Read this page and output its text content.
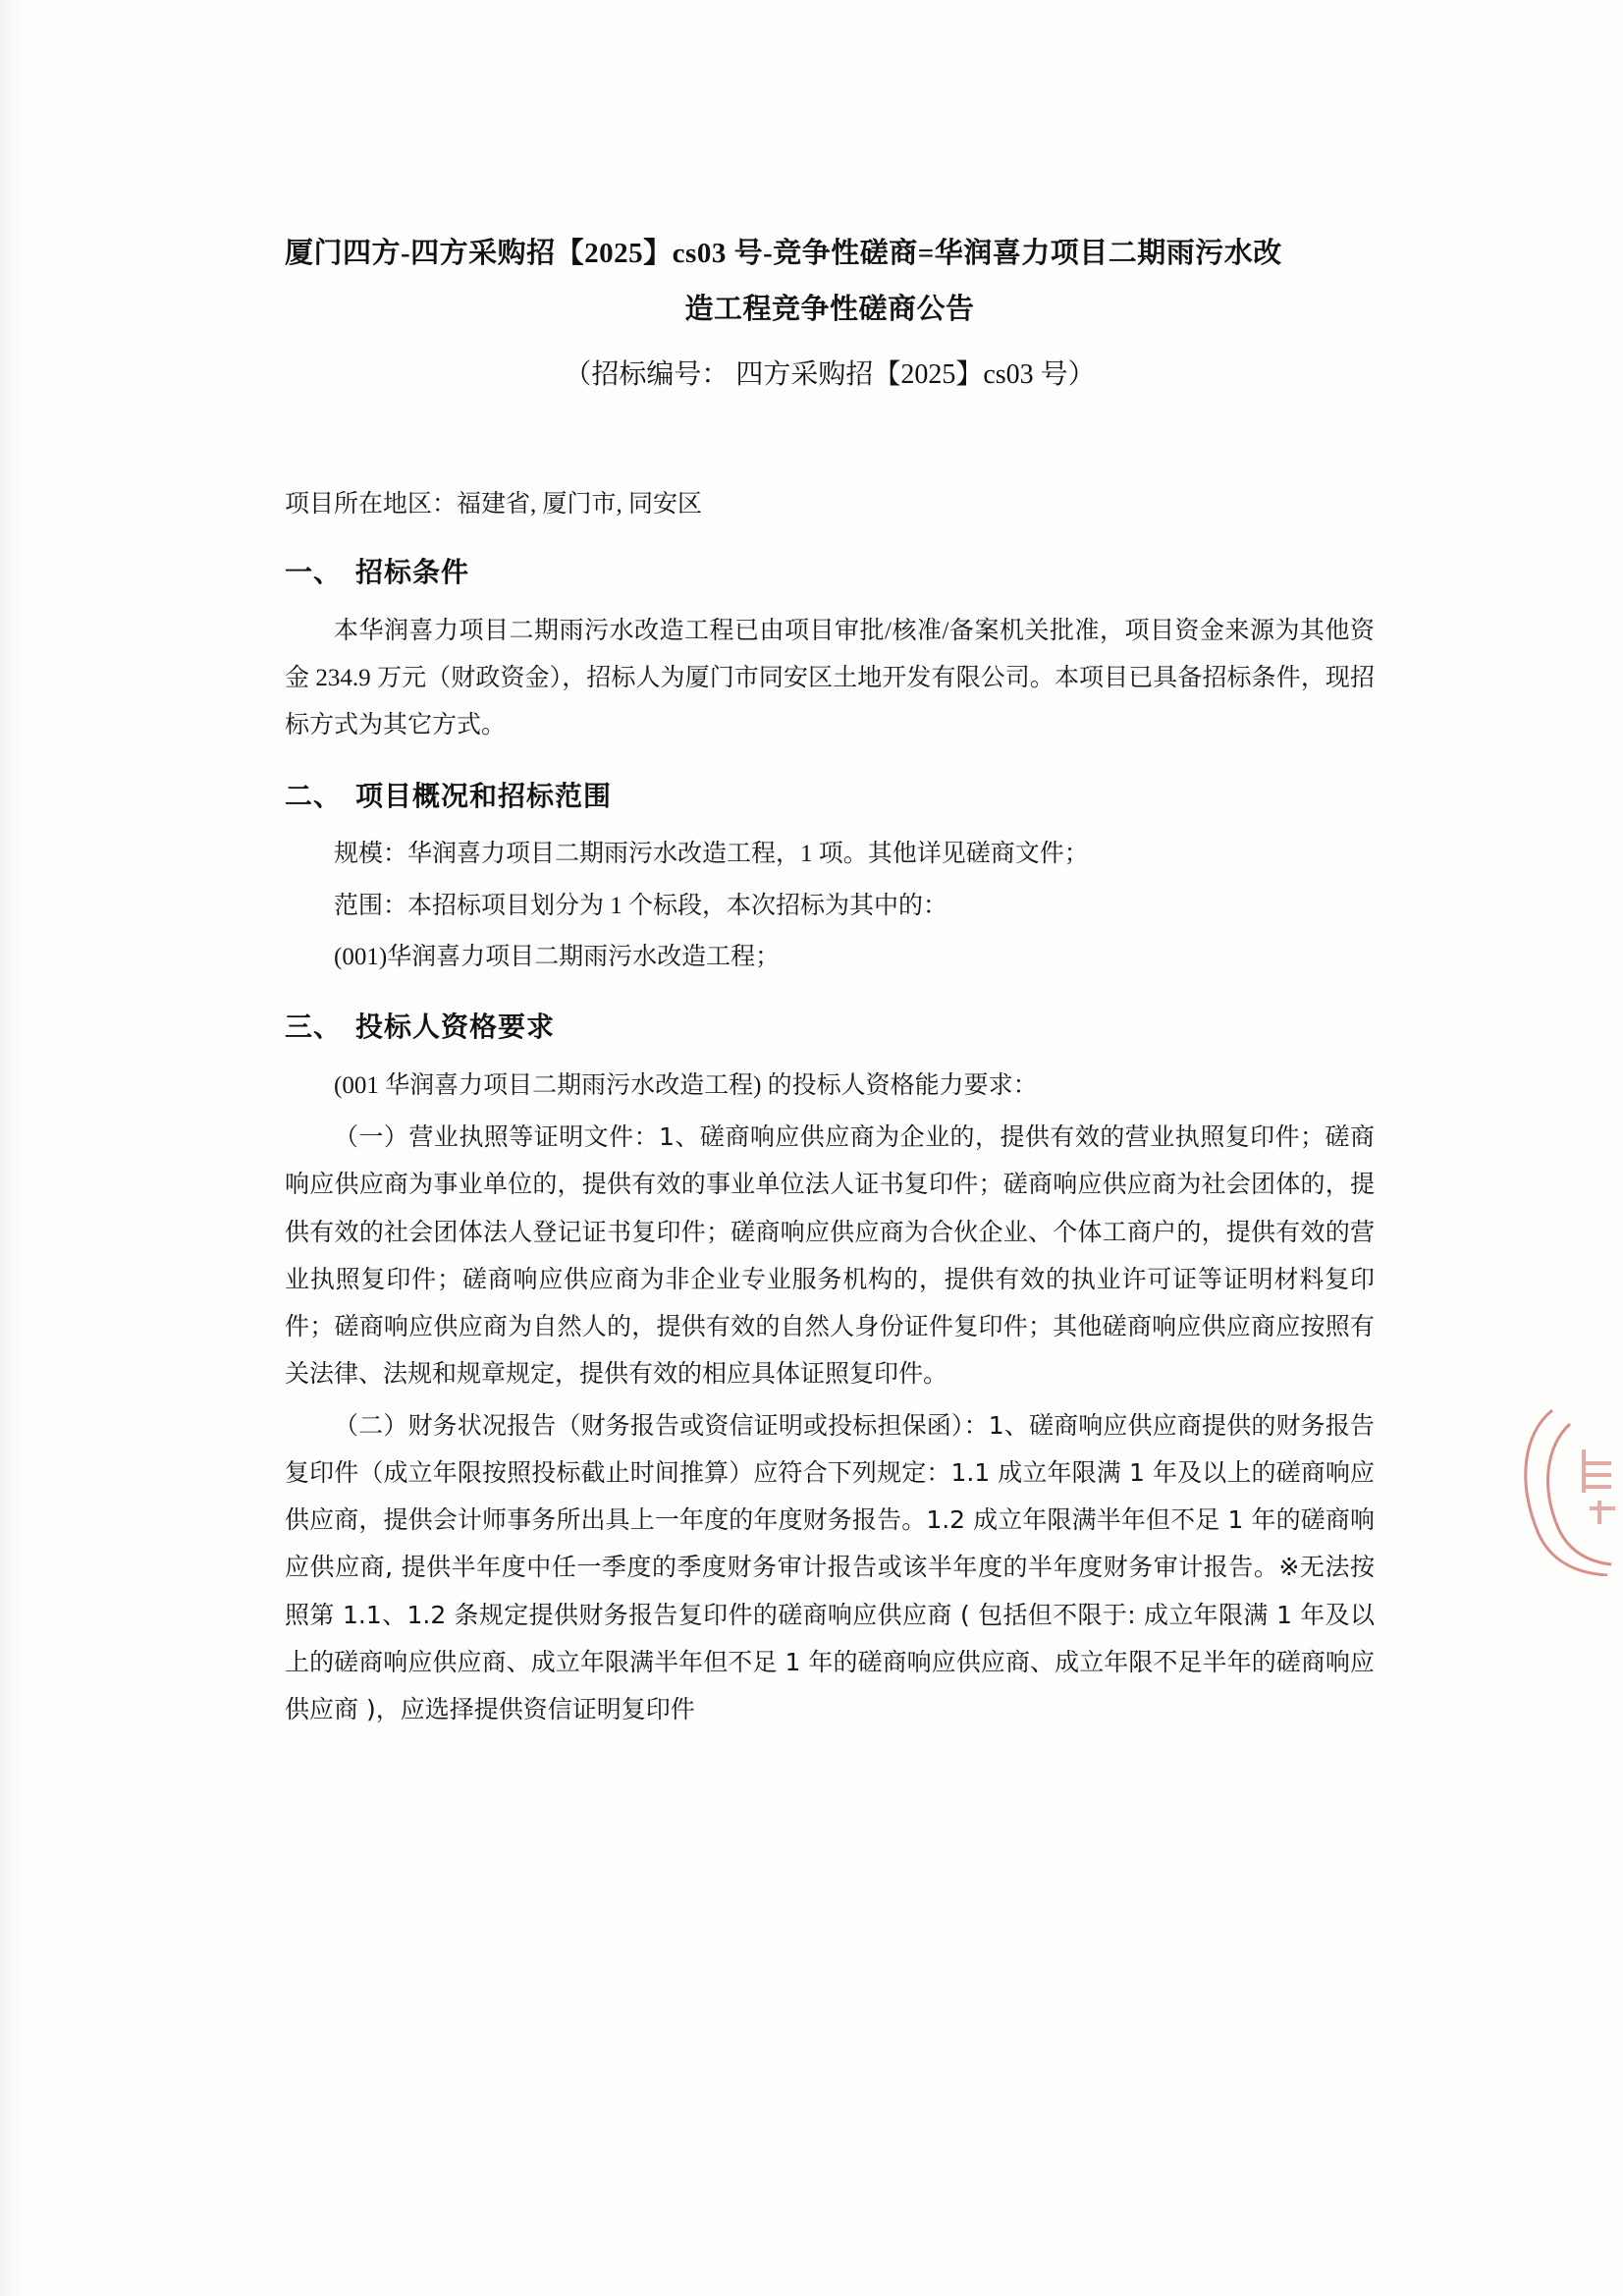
厦门四方-四方采购招【2025】cs03 号-竞争性磋商=华润喜力项目二期雨污水改
造工程竞争性磋商公告
（招标编号： 四方采购招【2025】cs03 号）
项目所在地区：福建省, 厦门市, 同安区
一、 招标条件

本华润喜力项目二期雨污水改造工程已由项目审批/核准/备案机关批准，项目资金来源为其他资金 234.9 万元（财政资金），招标人为厦门市同安区土地开发有限公司。本项目已具备招标条件，现招标方式为其它方式。

二、 项目概况和招标范围

规模：华润喜力项目二期雨污水改造工程，1 项。其他详见磋商文件；

范围：本招标项目划分为 1 个标段，本次招标为其中的：

(001)华润喜力项目二期雨污水改造工程；

三、 投标人资格要求

(001 华润喜力项目二期雨污水改造工程) 的投标人资格能力要求：

（一）营业执照等证明文件：1、磋商响应供应商为企业的，提供有效的营业执照复印件；磋商响应供应商为事业单位的，提供有效的事业单位法人证书复印件；磋商响应供应商为社会团体的，提供有效的社会团体法人登记证书复印件；磋商响应供应商为合伙企业、个体工商户的，提供有效的营业执照复印件；磋商响应供应商为非企业专业服务机构的，提供有效的执业许可证等证明材料复印件；磋商响应供应商为自然人的，提供有效的自然人身份证件复印件；其他磋商响应供应商应按照有关法律、法规和规章规定，提供有效的相应具体证照复印件。

（二）财务状况报告（财务报告或资信证明或投标担保函）：1、磋商响应供应商提供的财务报告复印件（成立年限按照投标截止时间推算）应符合下列规定：1.1 成立年限满 1 年及以上的磋商响应供应商，提供会计师事务所出具上一年度的年度财务报告。1.2 成立年限满半年但不足 1 年的磋商响应供应商, 提供半年度中任一季度的季度财务审计报告或该半年度的半年度财务审计报告。※无法按照第 1.1、1.2 条规定提供财务报告复印件的磋商响应供应商 ( 包括但不限于: 成立年限满 1 年及以上的磋商响应供应商、成立年限满半年但不足 1 年的磋商响应供应商、成立年限不足半年的磋商响应供应商 )，应选择提供资信证明复印件
